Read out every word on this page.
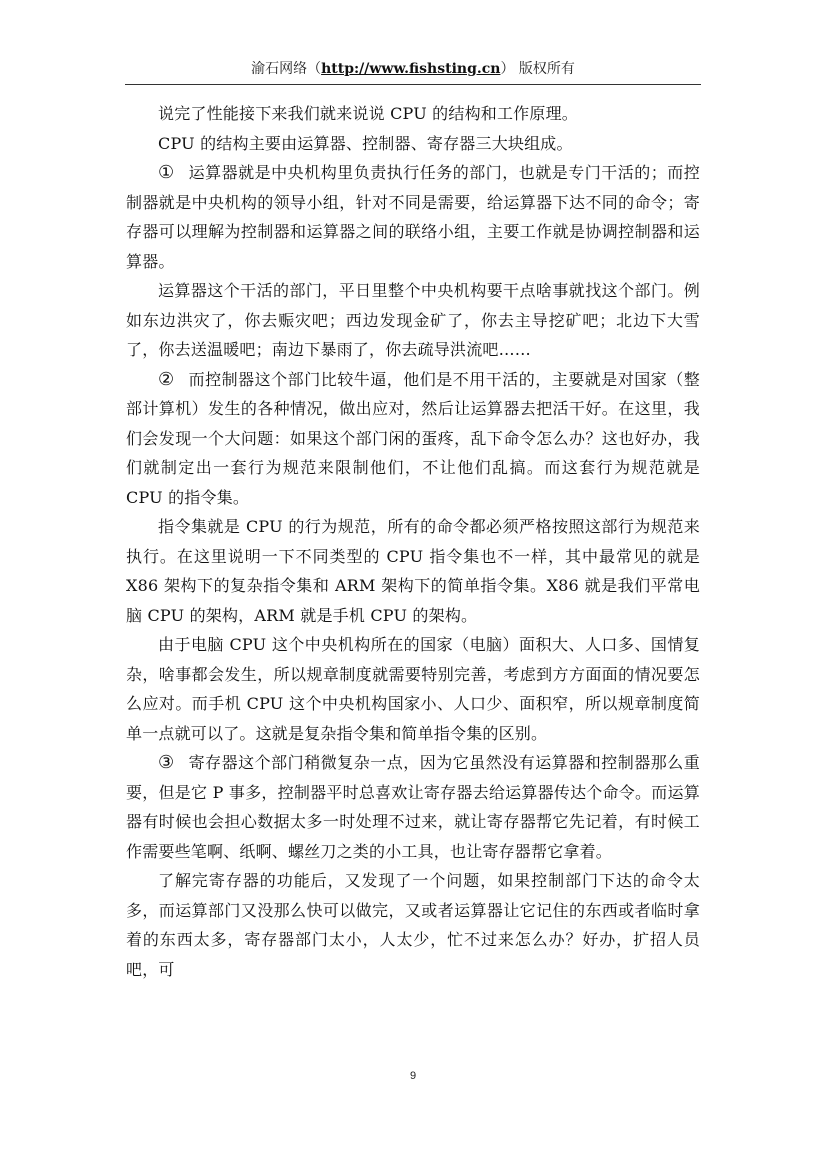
渝石网络（http://www.fishsting.cn） 版权所有

说完了性能接下来我们就来说说 CPU 的结构和工作原理。

CPU 的结构主要由运算器、控制器、寄存器三大块组成。

① 运算器就是中央机构里负责执行任务的部门，也就是专门干活的；而控制器就是中央机构的领导小组，针对不同是需要，给运算器下达不同的命令；寄存器可以理解为控制器和运算器之间的联络小组，主要工作就是协调控制器和运算器。

运算器这个干活的部门，平日里整个中央机构要干点啥事就找这个部门。例如东边洪灾了，你去赈灾吧；西边发现金矿了，你去主导挖矿吧；北边下大雪了，你去送温暖吧；南边下暴雨了，你去疏导洪流吧……

② 而控制器这个部门比较牛逼，他们是不用干活的，主要就是对国家（整部计算机）发生的各种情况，做出应对，然后让运算器去把活干好。在这里，我们会发现一个大问题：如果这个部门闲的蛋疼，乱下命令怎么办？这也好办，我们就制定出一套行为规范来限制他们，不让他们乱搞。而这套行为规范就是 CPU 的指令集。

指令集就是 CPU 的行为规范，所有的命令都必须严格按照这部行为规范来执行。在这里说明一下不同类型的 CPU 指令集也不一样，其中最常见的就是 X86 架构下的复杂指令集和 ARM 架构下的简单指令集。X86 就是我们平常电脑 CPU 的架构，ARM 就是手机 CPU 的架构。

由于电脑 CPU 这个中央机构所在的国家（电脑）面积大、人口多、国情复杂，啥事都会发生，所以规章制度就需要特别完善，考虑到方方面面的情况要怎么应对。而手机 CPU 这个中央机构国家小、人口少、面积窄，所以规章制度简单一点就可以了。这就是复杂指令集和简单指令集的区别。

③ 寄存器这个部门稍微复杂一点，因为它虽然没有运算器和控制器那么重要，但是它 P 事多，控制器平时总喜欢让寄存器去给运算器传达个命令。而运算器有时候也会担心数据太多一时处理不过来，就让寄存器帮它先记着，有时候工作需要些笔啊、纸啊、螺丝刀之类的小工具，也让寄存器帮它拿着。

了解完寄存器的功能后，又发现了一个问题，如果控制部门下达的命令太多，而运算部门又没那么快可以做完，又或者运算器让它记住的东西或者临时拿着的东西太多，寄存器部门太小，人太少，忙不过来怎么办？好办，扩招人员吧，可

9
